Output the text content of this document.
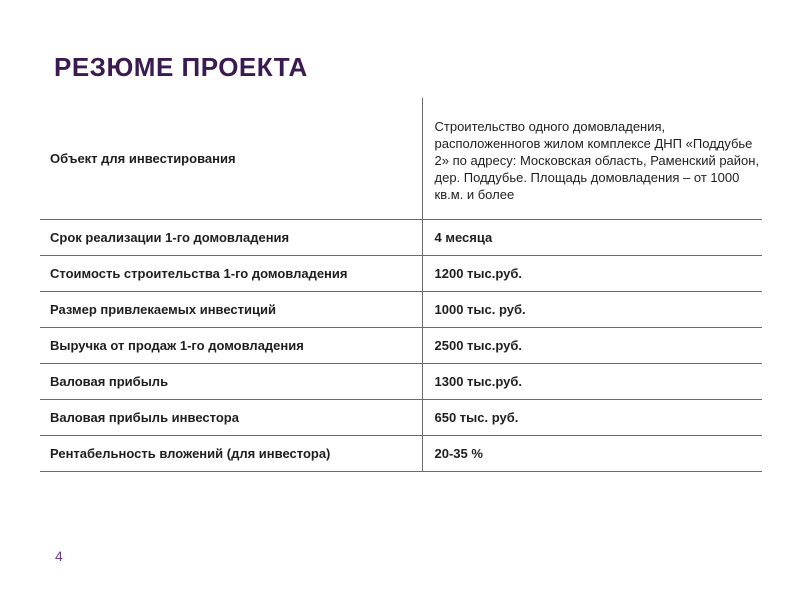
РЕЗЮМЕ ПРОЕКТА
Объект для инвестирования	Строительство одного домовладения, расположенногов жилом комплексе ДНП «Поддубье 2» по адресу: Московская область, Раменский район, дер. Поддубье. Площадь домовладения – от 1000 кв.м. и более
Срок реализации 1-го домовладения	4 месяца
Стоимость строительства 1-го домовладения	1200 тыс.руб.
Размер привлекаемых инвестиций	1000 тыс. руб.
Выручка от продаж 1-го домовладения	2500 тыс.руб.
Валовая прибыль	1300 тыс.руб.
Валовая прибыль инвестора	650 тыс. руб.
Рентабельность вложений (для инвестора)	20-35 %
4
